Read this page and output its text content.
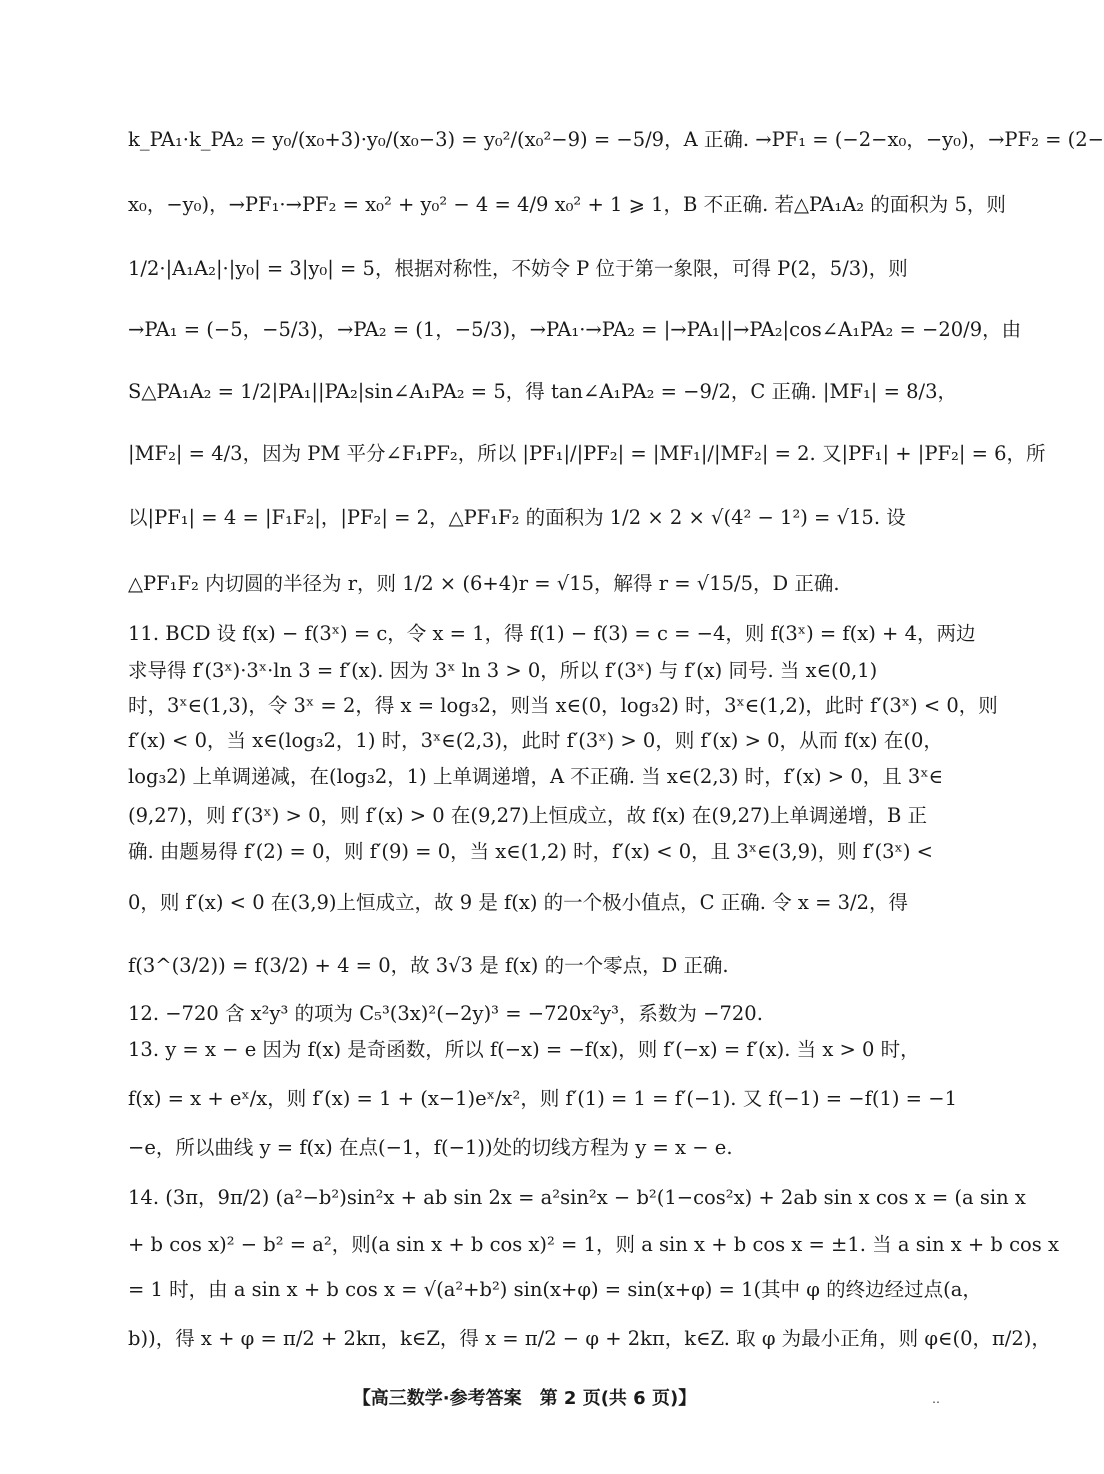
k_PA₁·k_PA₂ = y₀/(x₀+3)·y₀/(x₀−3) = y₀²/(x₀²−9) = −5/9，A 正确. →PF₁ = (−2−x₀，−y₀)，→PF₂ = (2−
x₀，−y₀)，→PF₁·→PF₂ = x₀² + y₀² − 4 = 4/9 x₀² + 1 ⩾ 1，B 不正确. 若△PA₁A₂ 的面积为 5，则
1/2·|A₁A₂|·|y₀| = 3|y₀| = 5，根据对称性，不妨令 P 位于第一象限，可得 P(2，5/3)，则
→PA₁ = (−5，−5/3)，→PA₂ = (1，−5/3)，→PA₁·→PA₂ = |→PA₁||→PA₂|cos∠A₁PA₂ = −20/9，由
S△PA₁A₂ = 1/2|PA₁||PA₂|sin∠A₁PA₂ = 5，得 tan∠A₁PA₂ = −9/2，C 正确. |MF₁| = 8/3，
|MF₂| = 4/3，因为 PM 平分∠F₁PF₂，所以 |PF₁|/|PF₂| = |MF₁|/|MF₂| = 2. 又|PF₁| + |PF₂| = 6，所
以|PF₁| = 4 = |F₁F₂|，|PF₂| = 2，△PF₁F₂ 的面积为 1/2 × 2 × √(4² − 1²) = √15. 设
△PF₁F₂ 内切圆的半径为 r，则 1/2 × (6+4)r = √15，解得 r = √15/5，D 正确.
11. BCD 设 f(x) − f(3ˣ) = c，令 x = 1，得 f(1) − f(3) = c = −4，则 f(3ˣ) = f(x) + 4，两边
求导得 f′(3ˣ)·3ˣ·ln 3 = f′(x). 因为 3ˣ ln 3 > 0，所以 f′(3ˣ) 与 f′(x) 同号. 当 x∈(0,1)
时，3ˣ∈(1,3)，令 3ˣ = 2，得 x = log₃2，则当 x∈(0，log₃2) 时，3ˣ∈(1,2)，此时 f′(3ˣ) < 0，则
f′(x) < 0，当 x∈(log₃2，1) 时，3ˣ∈(2,3)，此时 f′(3ˣ) > 0，则 f′(x) > 0，从而 f(x) 在(0，
log₃2) 上单调递减，在(log₃2，1) 上单调递增，A 不正确. 当 x∈(2,3) 时，f′(x) > 0，且 3ˣ∈
(9,27)，则 f′(3ˣ) > 0，则 f′(x) > 0 在(9,27)上恒成立，故 f(x) 在(9,27)上单调递增，B 正
确. 由题易得 f′(2) = 0，则 f′(9) = 0，当 x∈(1,2) 时，f′(x) < 0，且 3ˣ∈(3,9)，则 f′(3ˣ) <
0，则 f′(x) < 0 在(3,9)上恒成立，故 9 是 f(x) 的一个极小值点，C 正确. 令 x = 3/2，得
f(3^(3/2)) = f(3/2) + 4 = 0，故 3√3 是 f(x) 的一个零点，D 正确.
12. −720 含 x²y³ 的项为 C₅³(3x)²(−2y)³ = −720x²y³，系数为 −720.
13. y = x − e 因为 f(x) 是奇函数，所以 f(−x) = −f(x)，则 f′(−x) = f′(x). 当 x > 0 时，
f(x) = x + eˣ/x，则 f′(x) = 1 + (x−1)eˣ/x²，则 f′(1) = 1 = f′(−1). 又 f(−1) = −f(1) = −1
−e，所以曲线 y = f(x) 在点(−1，f(−1))处的切线方程为 y = x − e.
14. (3π，9π/2) (a²−b²)sin²x + ab sin 2x = a²sin²x − b²(1−cos²x) + 2ab sin x cos x = (a sin x
+ b cos x)² − b² = a²，则(a sin x + b cos x)² = 1，则 a sin x + b cos x = ±1. 当 a sin x + b cos x
= 1 时，由 a sin x + b cos x = √(a²+b²) sin(x+φ) = sin(x+φ) = 1(其中 φ 的终边经过点(a，
b))，得 x + φ = π/2 + 2kπ，k∈Z，得 x = π/2 − φ + 2kπ，k∈Z. 取 φ 为最小正角，则 φ∈(0，π/2)，
【高三数学·参考答案　第 2 页(共 6 页)】	‥
